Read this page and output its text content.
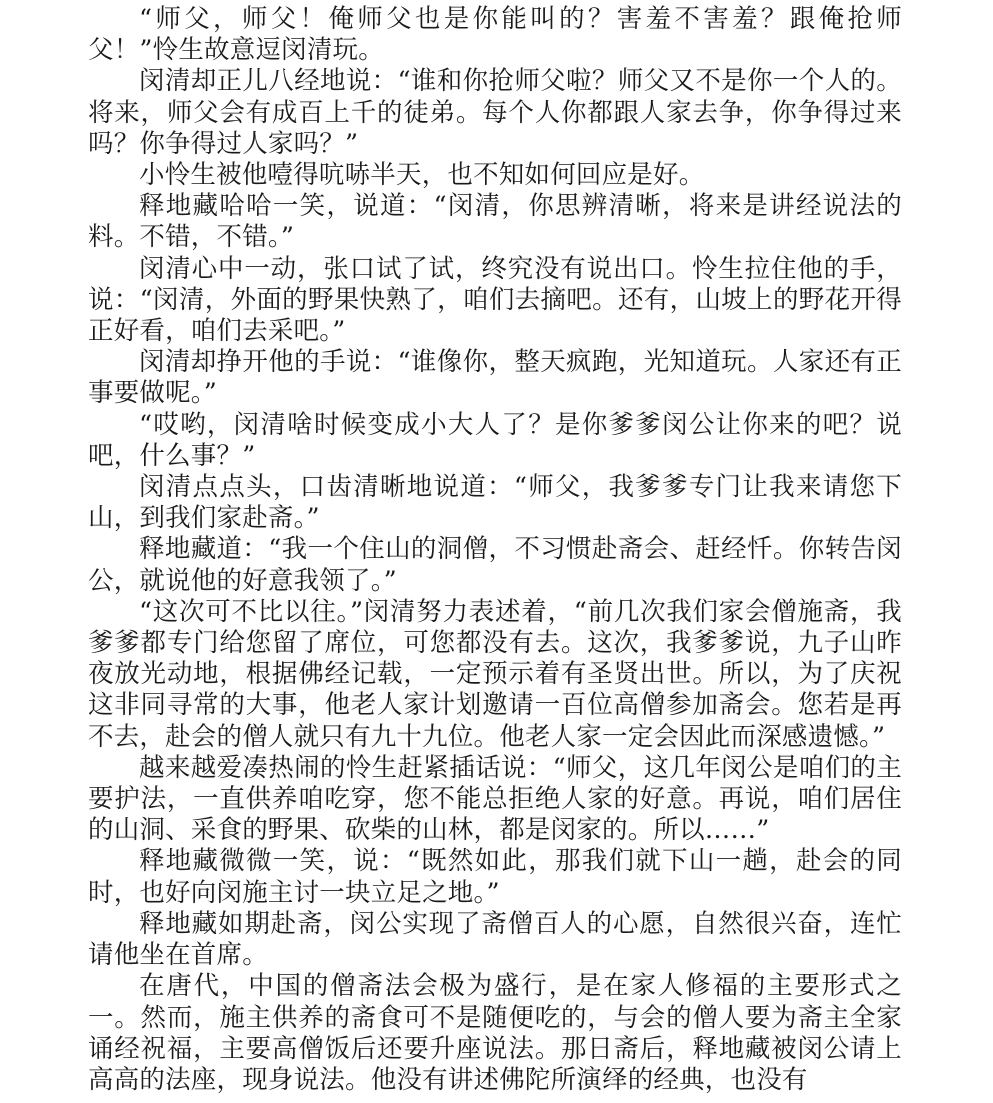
“师父，师父！俺师父也是你能叫的？害羞不害羞？跟俺抢师父！”怜生故意逗闵清玩。

闵清却正儿八经地说：“谁和你抢师父啦？师父又不是你一个人的。将来，师父会有成百上千的徒弟。每个人你都跟人家去争，你争得过来吗？你争得过人家吗？”

小怜生被他噎得吭哧半天，也不知如何回应是好。

释地藏哈哈一笑，说道：“闵清，你思辨清晰，将来是讲经说法的料。不错，不错。”

闵清心中一动，张口试了试，终究没有说出口。怜生拉住他的手，说：“闵清，外面的野果快熟了，咱们去摘吧。还有，山坡上的野花开得正好看，咱们去采吧。”

闵清却挣开他的手说：“谁像你，整天疯跑，光知道玩。人家还有正事要做呢。”

“哎哟，闵清啥时候变成小大人了？是你爹爹闵公让你来的吧？说吧，什么事？”

闵清点点头，口齿清晰地说道：“师父，我爹爹专门让我来请您下山，到我们家赴斋。”

释地藏道：“我一个住山的洞僧，不习惯赴斋会、赶经忏。你转告闵公，就说他的好意我领了。”

“这次可不比以往。”闵清努力表述着，“前几次我们家会僧施斋，我爹爹都专门给您留了席位，可您都没有去。这次，我爹爹说，九子山昨夜放光动地，根据佛经记载，一定预示着有圣贤出世。所以，为了庆祝这非同寻常的大事，他老人家计划邀请一百位高僧参加斋会。您若是再不去，赴会的僧人就只有九十九位。他老人家一定会因此而深感遗憾。”

越来越爱凑热闹的怜生赶紧插话说：“师父，这几年闵公是咱们的主要护法，一直供养咱吃穿，您不能总拒绝人家的好意。再说，咱们居住的山洞、采食的野果、砍柴的山林，都是闵家的。所以……”

释地藏微微一笑，说：“既然如此，那我们就下山一趟，赴会的同时，也好向闵施主讨一块立足之地。”

释地藏如期赴斋，闵公实现了斋僧百人的心愿，自然很兴奋，连忙请他坐在首席。

在唐代，中国的僧斋法会极为盛行，是在家人修福的主要形式之一。然而，施主供养的斋食可不是随便吃的，与会的僧人要为斋主全家诵经祝福，主要高僧饭后还要升座说法。那日斋后，释地藏被闵公请上高高的法座，现身说法。他没有讲述佛陀所演绎的经典，也没有
